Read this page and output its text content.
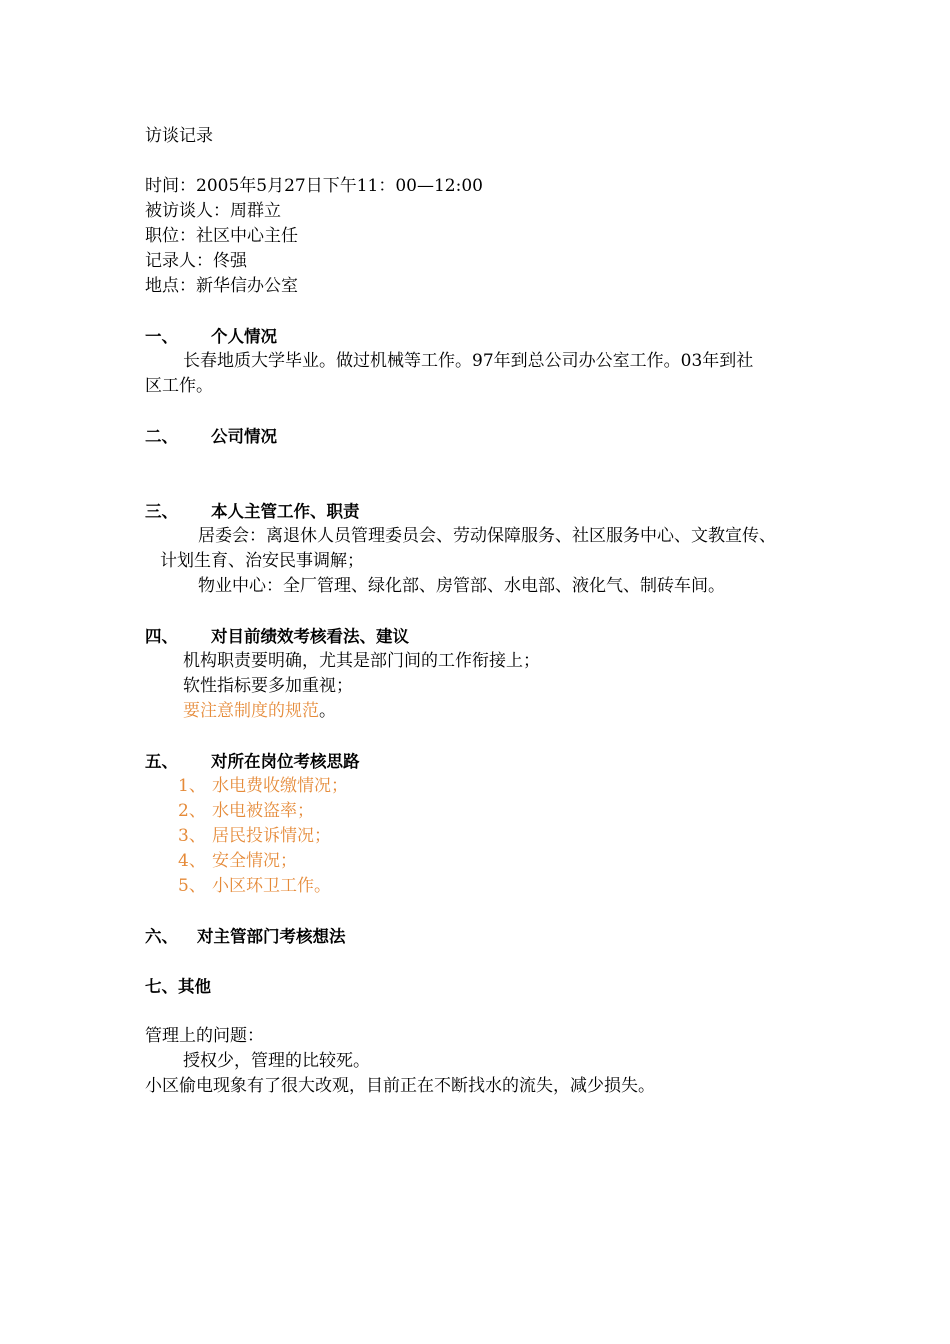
访谈记录
时间：2005年5月27日下午11：00—12:00
被访谈人：周群立
职位：社区中心主任
记录人：佟强
地点：新华信办公室
一、 个人情况
长春地质大学毕业。做过机械等工作。97年到总公司办公室工作。03年到社
区工作。
二、 公司情况
三、 本人主管工作、职责
居委会：离退休人员管理委员会、劳动保障服务、社区服务中心、文教宣传、
计划生育、治安民事调解；
物业中心：全厂管理、绿化部、房管部、水电部、液化气、制砖车间。
四、 对目前绩效考核看法、建议
机构职责要明确，尤其是部门间的工作衔接上；
软性指标要多加重视；
要注意制度的规范。
五、 对所在岗位考核思路
1、 水电费收缴情况；
2、 水电被盗率；
3、 居民投诉情况；
4、 安全情况；
5、 小区环卫工作。
六、 对主管部门考核想法
七、其他
管理上的问题：
授权少，管理的比较死。
小区偷电现象有了很大改观，目前正在不断找水的流失，减少损失。
